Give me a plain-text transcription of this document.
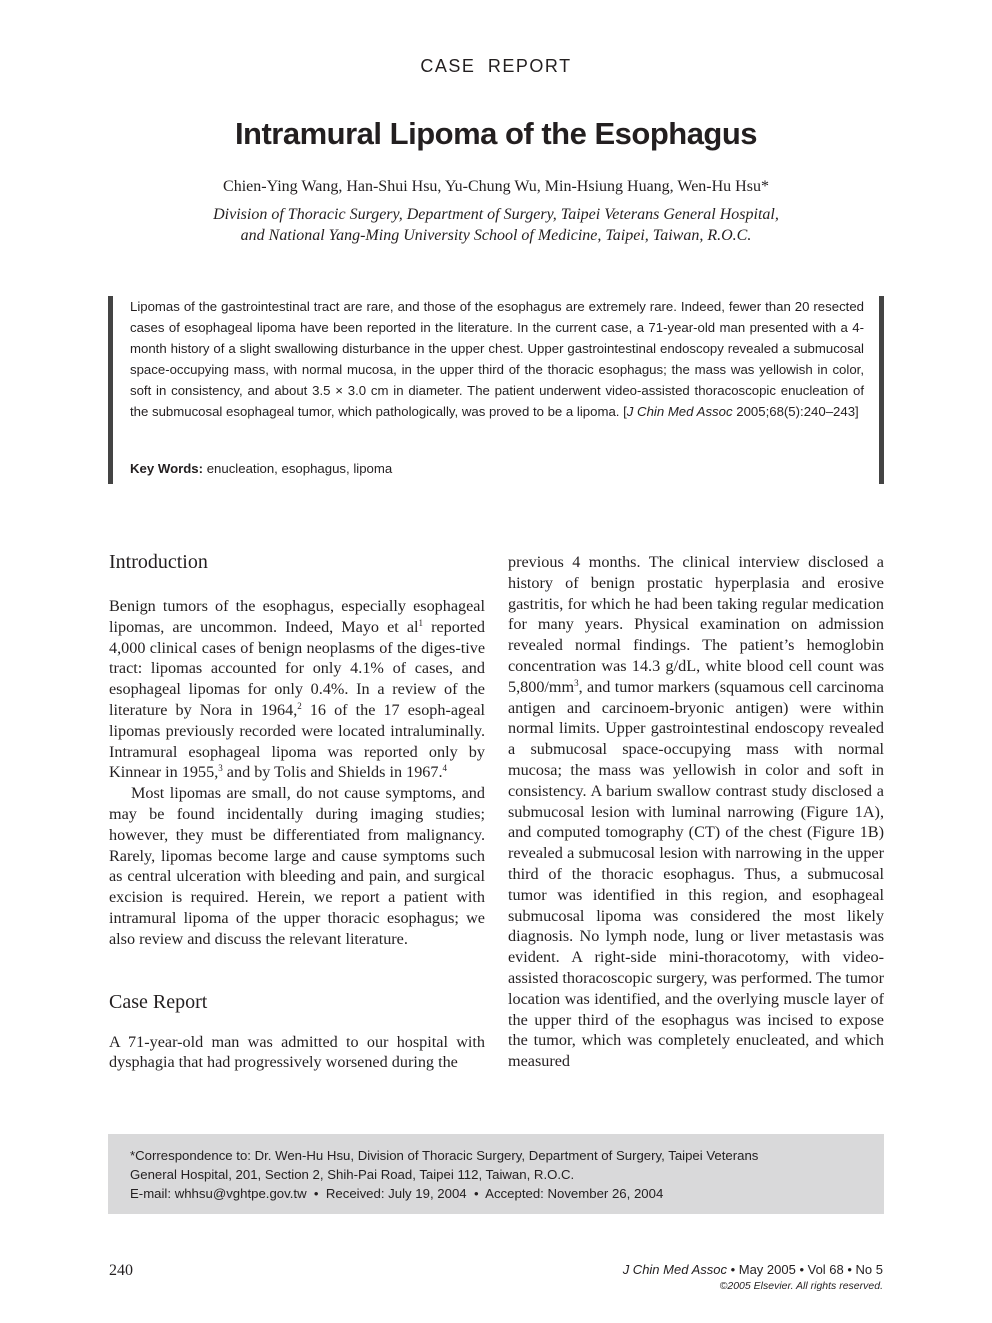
CASE REPORT
Intramural Lipoma of the Esophagus
Chien-Ying Wang, Han-Shui Hsu, Yu-Chung Wu, Min-Hsiung Huang, Wen-Hu Hsu*
Division of Thoracic Surgery, Department of Surgery, Taipei Veterans General Hospital,
and National Yang-Ming University School of Medicine, Taipei, Taiwan, R.O.C.
Lipomas of the gastrointestinal tract are rare, and those of the esophagus are extremely rare. Indeed, fewer than 20 resected cases of esophageal lipoma have been reported in the literature. In the current case, a 71-year-old man presented with a 4-month history of a slight swallowing disturbance in the upper chest. Upper gastrointestinal endoscopy revealed a submucosal space-occupying mass, with normal mucosa, in the upper third of the thoracic esophagus; the mass was yellowish in color, soft in consistency, and about 3.5 × 3.0 cm in diameter. The patient underwent video-assisted thoracoscopic enucleation of the submucosal esophageal tumor, which pathologically, was proved to be a lipoma. [J Chin Med Assoc 2005;68(5):240–243]
Key Words: enucleation, esophagus, lipoma
Introduction

Benign tumors of the esophagus, especially esophageal lipomas, are uncommon. Indeed, Mayo et $al^1$ reported 4,000 clinical cases of benign neoplasms of the diges-tive tract: lipomas accounted for only 4.1% of cases, and esophageal lipomas for only 0.4%. In a review of the literature by Nora in 1964,$^2$ 16 of the 17 esoph-ageal lipomas previously recorded were located intraluminally. Intramural esophageal lipoma was reported only by Kinnear in 1955,$^3$ and by Tolis and Shields in 1967.$^4$

Most lipomas are small, do not cause symptoms, and may be found incidentally during imaging studies; however, they must be differentiated from malignancy. Rarely, lipomas become large and cause symptoms such as central ulceration with bleeding and pain, and surgical excision is required. Herein, we report a patient with intramural lipoma of the upper thoracic esophagus; we also review and discuss the relevant literature.

Case Report

A 71-year-old man was admitted to our hospital with dysphagia that had progressively worsened during the

previous 4 months. The clinical interview disclosed a history of benign prostatic hyperplasia and erosive gastritis, for which he had been taking regular medication for many years. Physical examination on admission revealed normal findings. The patient’s hemoglobin concentration was 14.3 g/dL, white blood cell count was $5,800/mm^3$, and tumor markers (squamous cell carcinoma antigen and carcinoem-bryonic antigen) were within normal limits. Upper gastrointestinal endoscopy revealed a submucosal space-occupying mass with normal mucosa; the mass was yellowish in color and soft in consistency. A barium swallow contrast study disclosed a submucosal lesion with luminal narrowing (Figure 1A), and computed tomography (CT) of the chest (Figure 1B) revealed a submucosal lesion with narrowing in the upper third of the thoracic esophagus. Thus, a submucosal tumor was identified in this region, and esophageal submucosal lipoma was considered the most likely diagnosis. No lymph node, lung or liver metastasis was evident. A right-side mini-thoracotomy, with video-assisted thoracoscopic surgery, was performed. The tumor location was identified, and the overlying muscle layer of the upper third of the esophagus was incised to expose the tumor, which was completely enucleated, and which measured

*Correspondence to: Dr. Wen-Hu Hsu, Division of Thoracic Surgery, Department of Surgery, Taipei Veterans
General Hospital, 201, Section 2, Shih-Pai Road, Taipei 112, Taiwan, R.O.C.
E-mail: whhsu@vghtpe.gov.tw  •  Received: July 19, 2004  •  Accepted: November 26, 2004
240	J Chin Med Assoc • May 2005 • Vol 68 • No 5
©2005 Elsevier. All rights reserved.
